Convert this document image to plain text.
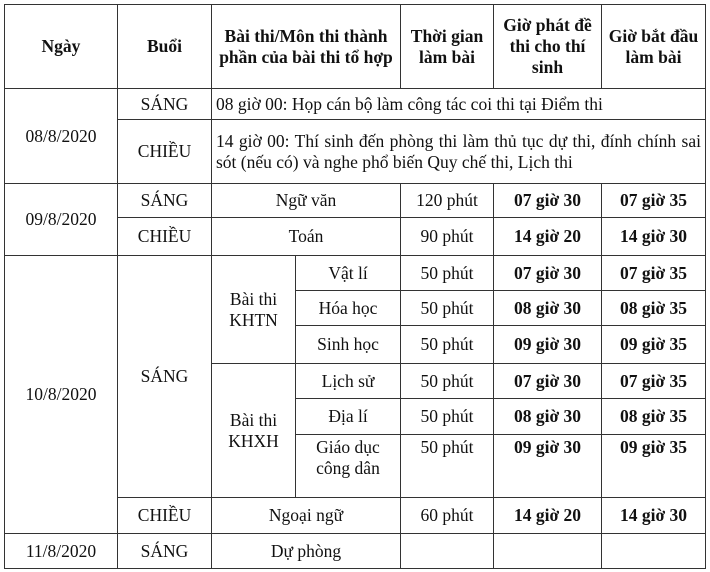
Ngày	Buổi	Bài thi/Môn thi thành phần của bài thi tổ hợp		Thời gian làm bài	Giờ phát đề thi cho thí sinh	Giờ bắt đầu làm bài
08/8/2020	SÁNG	08 giờ 00: Họp cán bộ làm công tác coi thi tại Điểm thi				
	CHIỀU	14 giờ 00: Thí sinh đến phòng thi làm thủ tục dự thi, đính chính sai sót (nếu có) và nghe phổ biến Quy chế thi, Lịch thi				
09/8/2020	SÁNG	Ngữ văn		120 phút	07 giờ 30	07 giờ 35
	CHIỀU	Toán		90 phút	14 giờ 20	14 giờ 30
10/8/2020	SÁNG	Bài thi KHTN	Vật lí	50 phút	07 giờ 30	07 giờ 35
			Hóa học	50 phút	08 giờ 30	08 giờ 35
			Sinh học	50 phút	09 giờ 30	09 giờ 35
		Bài thi KHXH	Lịch sử	50 phút	07 giờ 30	07 giờ 35
			Địa lí	50 phút	08 giờ 30	08 giờ 35
			Giáo dục công dân	50 phút	09 giờ 30	09 giờ 35
	CHIỀU	Ngoại ngữ		60 phút	14 giờ 20	14 giờ 30
11/8/2020	SÁNG	Dự phòng				
